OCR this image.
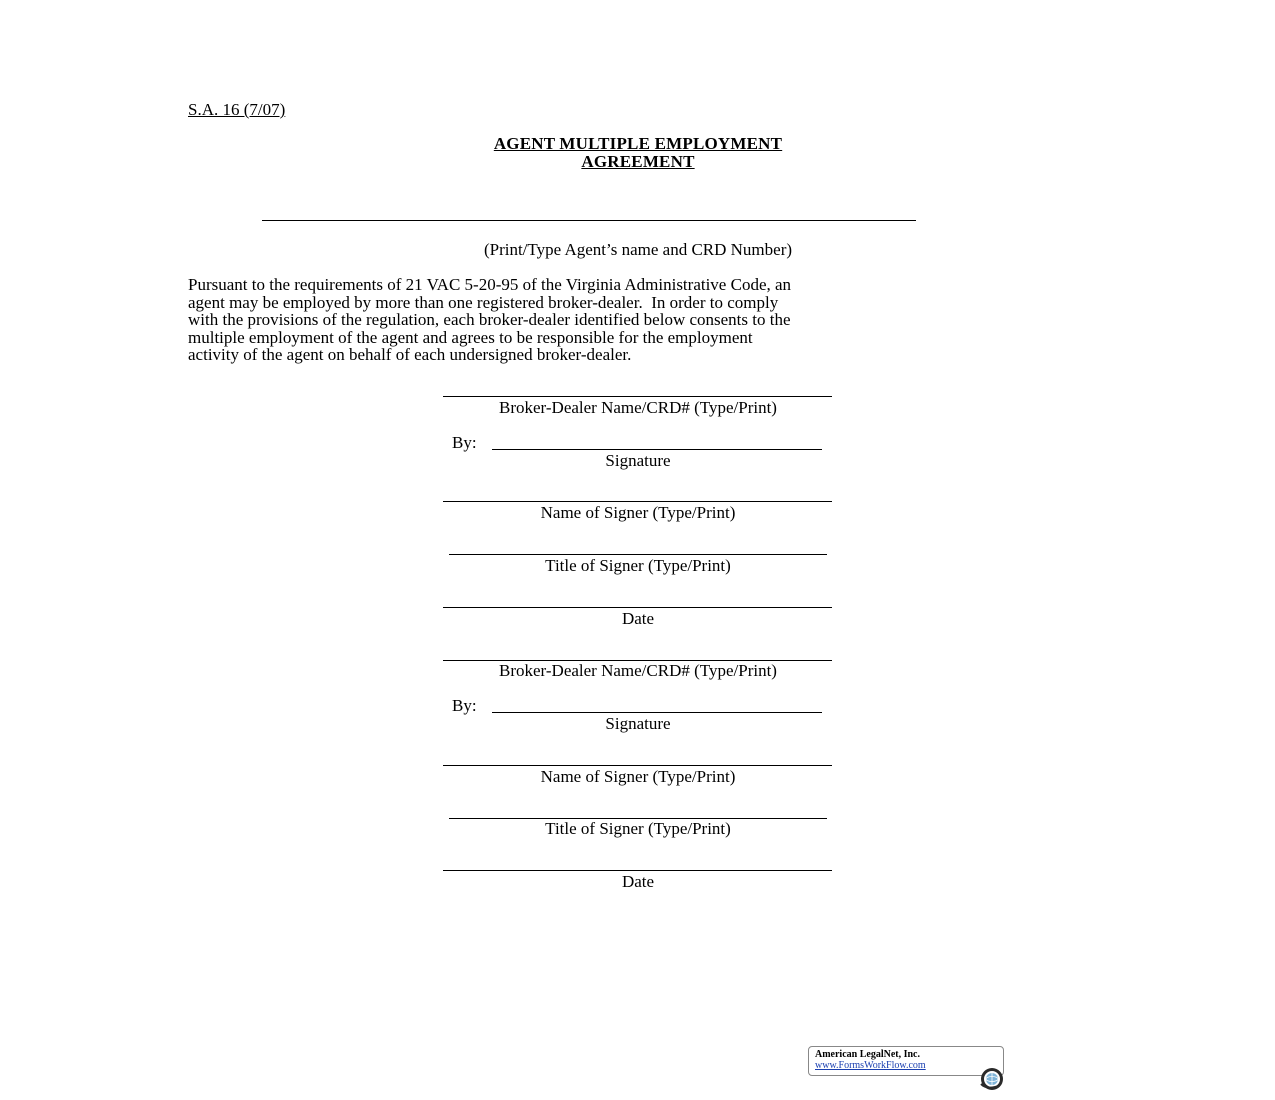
S.A. 16 (7/07)
AGENT MULTIPLE EMPLOYMENT
AGREEMENT
(Print/Type Agent’s name and CRD Number)
Pursuant to the requirements of 21 VAC 5-20-95 of the Virginia Administrative Code, an
agent may be employed by more than one registered broker-dealer.  In order to comply
with the provisions of the regulation, each broker-dealer identified below consents to the
multiple employment of the agent and agrees to be responsible for the employment
activity of the agent on behalf of each undersigned broker-dealer.
Broker-Dealer Name/CRD# (Type/Print)
By:
Signature
Name of Signer (Type/Print)
Title of Signer (Type/Print)
Date
Broker-Dealer Name/CRD# (Type/Print)
By:
Signature
Name of Signer (Type/Print)
Title of Signer (Type/Print)
Date
American LegalNet, Inc.
www.FormsWorkFlow.com
